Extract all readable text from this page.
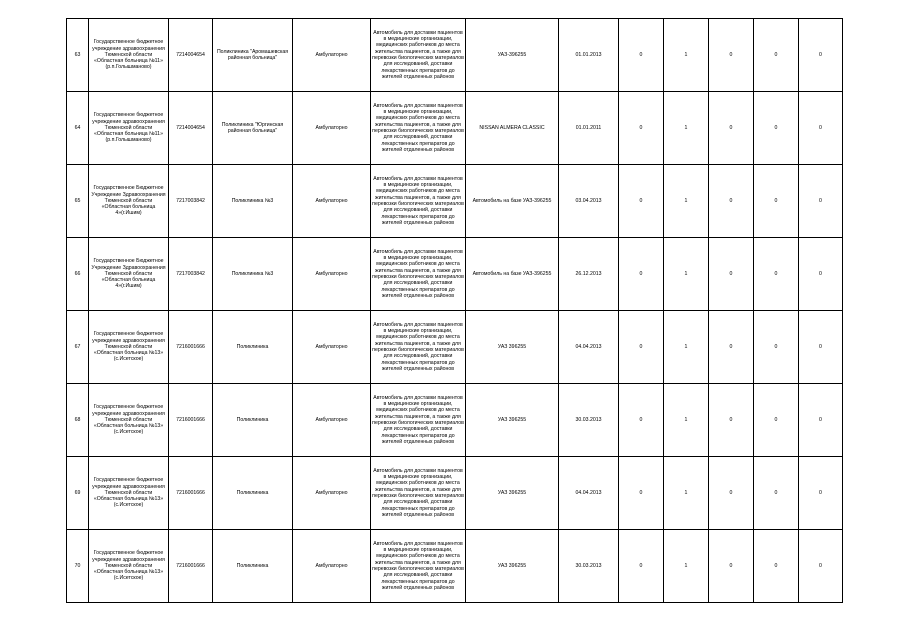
63	Государственное бюджетное учреждение здравоохранения Тюменской области «Областная больница №11» (р.п.Голышманово)	7214004654	Поликлиника "Аромашевская районная больница"	Амбулаторно	Автомобиль для доставки пациентов в медицинские организации, медицинских работников до места жительства пациентов, а также для перевозки биологических материалов для исследований, доставки лекарственных препаратов до жителей отдаленных районов	УАЗ-396255	01.01.2013	0	1	0	0	0
64	Государственное бюджетное учреждение здравоохранения Тюменской области «Областная больница №11» (р.п.Голышманово)	7214004654	Поликлиника "Юргинская районная больница"	Амбулаторно	Автомобиль для доставки пациентов в медицинские организации, медицинских работников до места жительства пациентов, а также для перевозки биологических материалов для исследований, доставки лекарственных препаратов до жителей отдаленных районов	NISSAN ALMERA CLASSIC	01.01.2011	0	1	0	0	0
65	Государственное Бюджетное Учреждение Здравоохранения Тюменской области «Областная больница 4»(г.Ишим)	7217003842	Поликлиника №3	Амбулаторно	Автомобиль для доставки пациентов в медицинские организации, медицинских работников до места жительства пациентов, а также для перевозки биологических материалов для исследований, доставки лекарственных препаратов до жителей отдаленных районов	Автомобиль на базе УАЗ-396255	03.04.2013	0	1	0	0	0
66	Государственное Бюджетное Учреждение Здравоохранения Тюменской области «Областная больница 4»(г.Ишим)	7217003842	Поликлиника №3	Амбулаторно	Автомобиль для доставки пациентов в медицинские организации, медицинских работников до места жительства пациентов, а также для перевозки биологических материалов для исследований, доставки лекарственных препаратов до жителей отдаленных районов	Автомобиль на базе УАЗ-396255	26.12.2013	0	1	0	0	0
67	Государственное бюджетное учреждение здравоохранения Тюменской области «Областная больница №13» (с.Исетское)	7216001666	Поликлиника	Амбулаторно	Автомобиль для доставки пациентов в медицинские организации, медицинских работников до места жительства пациентов, а также для перевозки биологических материалов для исследований, доставки лекарственных препаратов до жителей отдаленных районов	УАЗ 396255	04.04.2013	0	1	0	0	0
68	Государственное бюджетное учреждение здравоохранения Тюменской области «Областная больница №13» (с.Исетское)	7216001666	Поликлиника	Амбулаторно	Автомобиль для доставки пациентов в медицинские организации, медицинских работников до места жительства пациентов, а также для перевозки биологических материалов для исследований, доставки лекарственных препаратов до жителей отдаленных районов	УАЗ 396255	30.03.2013	0	1	0	0	0
69	Государственное бюджетное учреждение здравоохранения Тюменской области «Областная больница №13» (с.Исетское)	7216001666	Поликлиника	Амбулаторно	Автомобиль для доставки пациентов в медицинские организации, медицинских работников до места жительства пациентов, а также для перевозки биологических материалов для исследований, доставки лекарственных препаратов до жителей отдаленных районов	УАЗ 396255	04.04.2013	0	1	0	0	0
70	Государственное бюджетное учреждение здравоохранения Тюменской области «Областная больница №13» (с.Исетское)	7216001666	Поликлиника	Амбулаторно	Автомобиль для доставки пациентов в медицинские организации, медицинских работников до места жительства пациентов, а также для перевозки биологических материалов для исследований, доставки лекарственных препаратов до жителей отдаленных районов	УАЗ 396255	30.03.2013	0	1	0	0	0
